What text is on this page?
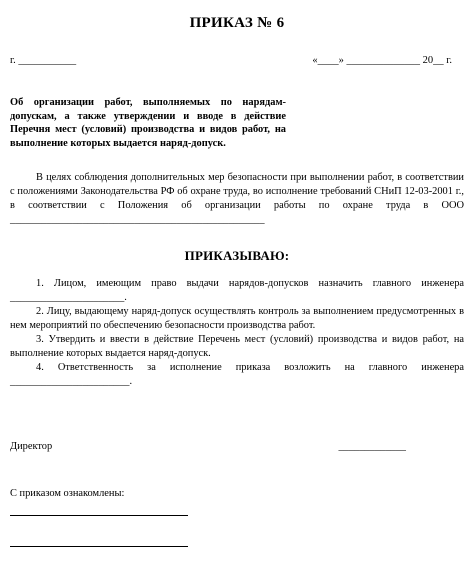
ПРИКАЗ № 6
г. ___________	«____» ______________ 20__ г.
Об организации работ, выполняемых по нарядам-допускам, а также утверждении и вводе в действие Перечня мест (условий) производства и видов работ, на выполнение которых выдается наряд-допуск.
В целях соблюдения дополнительных мер безопасности при выполнении работ, в соответствии с положениями Законодательства РФ об охране труда, во исполнение требований СНиП 12-03-2001 г., в соответствии с Положения об организации работы по охране труда в ООО _________________________________________________
ПРИКАЗЫВАЮ:

1. Лицом, имеющим право выдачи нарядов-допусков назначить главного инженера ______________________.

2. Лицу, выдающему наряд-допуск осуществлять контроль за выполнением предусмотренных в нем мероприятий по обеспечению безопасности производства работ.

3. Утвердить и ввести в действие Перечень мест (условий) производства и видов работ, на выполнение которых выдается наряд-допуск.

4. Ответственность за исполнение приказа возложить на главного инженера _______________________.

Директор	_____________
С приказом ознакомлены:
